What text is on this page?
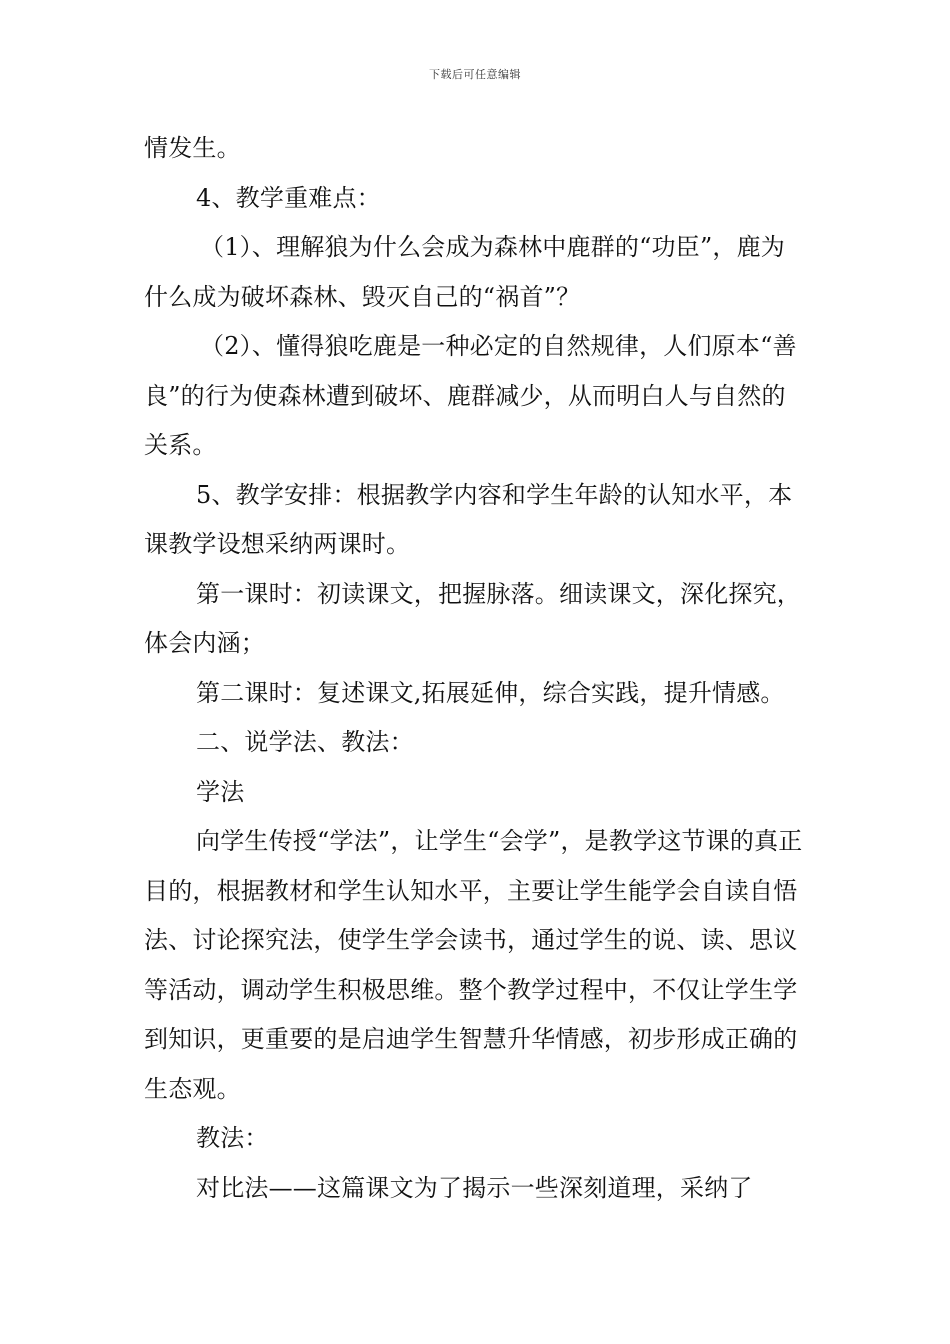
下载后可任意编辑

情发生。

4、教学重难点：

（1）、理解狼为什么会成为森林中鹿群的“功臣”，鹿为什么成为破坏森林、毁灭自己的“祸首”？

（2）、懂得狼吃鹿是一种必定的自然规律，人们原本“善良”的行为使森林遭到破坏、鹿群减少，从而明白人与自然的关系。

5、教学安排：根据教学内容和学生年龄的认知水平，本课教学设想采纳两课时。

第一课时：初读课文，把握脉落。细读课文，深化探究，体会内涵；

第二课时：复述课文,拓展延伸，综合实践，提升情感。

二、说学法、教法：

学法

向学生传授“学法”，让学生“会学”，是教学这节课的真正目的，根据教材和学生认知水平，主要让学生能学会自读自悟法、讨论探究法，使学生学会读书，通过学生的说、读、思议等活动，调动学生积极思维。整个教学过程中，不仅让学生学到知识，更重要的是启迪学生智慧升华情感，初步形成正确的生态观。

教法：

对比法——这篇课文为了揭示一些深刻道理，采纳了
